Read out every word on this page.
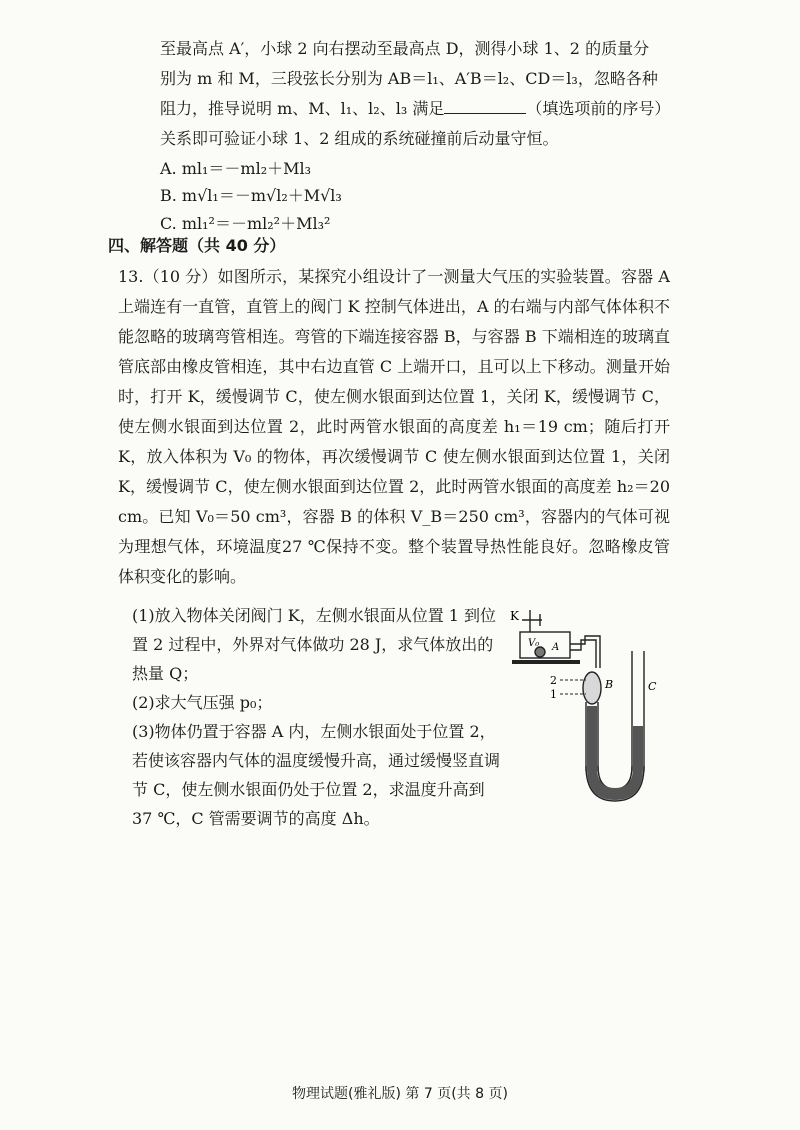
至最高点 A′，小球 2 向右摆动至最高点 D，测得小球 1、2 的质量分
别为 m 和 M，三段弦长分别为 AB＝l₁、A′B＝l₂、CD＝l₃，忽略各种
阻力，推导说明 m、M、l₁、l₂、l₃ 满足	（填选项前的序号）
关系即可验证小球 1、2 组成的系统碰撞前后动量守恒。
A. ml₁＝－ml₂＋Ml₃
B. m√l₁＝－m√l₂＋M√l₃
C. ml₁²＝－ml₂²＋Ml₃²
四、解答题（共 40 分）
13.（10 分）如图所示，某探究小组设计了一测量大气压的实验装置。容器 A 上端连有一直管，直管上的阀门 K 控制气体进出，A 的右端与内部气体体积不能忽略的玻璃弯管相连。弯管的下端连接容器 B，与容器 B 下端相连的玻璃直管底部由橡皮管相连，其中右边直管 C 上端开口，且可以上下移动。测量开始时，打开 K，缓慢调节 C，使左侧水银面到达位置 1，关闭 K，缓慢调节 C，使左侧水银面到达位置 2，此时两管水银面的高度差 h₁＝19 cm；随后打开 K，放入体积为 V₀ 的物体，再次缓慢调节 C 使左侧水银面到达位置 1，关闭 K，缓慢调节 C，使左侧水银面到达位置 2，此时两管水银面的高度差 h₂＝20 cm。已知 V₀＝50 cm³，容器 B 的体积 V_B＝250 cm³，容器内的气体可视为理想气体，环境温度27 ℃保持不变。整个装置导热性能良好。忽略橡皮管体积变化的影响。
(1)放入物体关闭阀门 K，左侧水银面从位置 1 到位置 2 过程中，外界对气体做功 28 J，求气体放出的热量 Q；
(2)求大气压强 p₀；
(3)物体仍置于容器 A 内，左侧水银面处于位置 2，若使该容器内气体的温度缓慢升高，通过缓慢竖直调节 C，使左侧水银面仍处于位置 2，求温度升高到 37 ℃，C 管需要调节的高度 Δh。
2
1
K
V₀ A
B	C
物理试题(雅礼版) 第 7 页(共 8 页)
